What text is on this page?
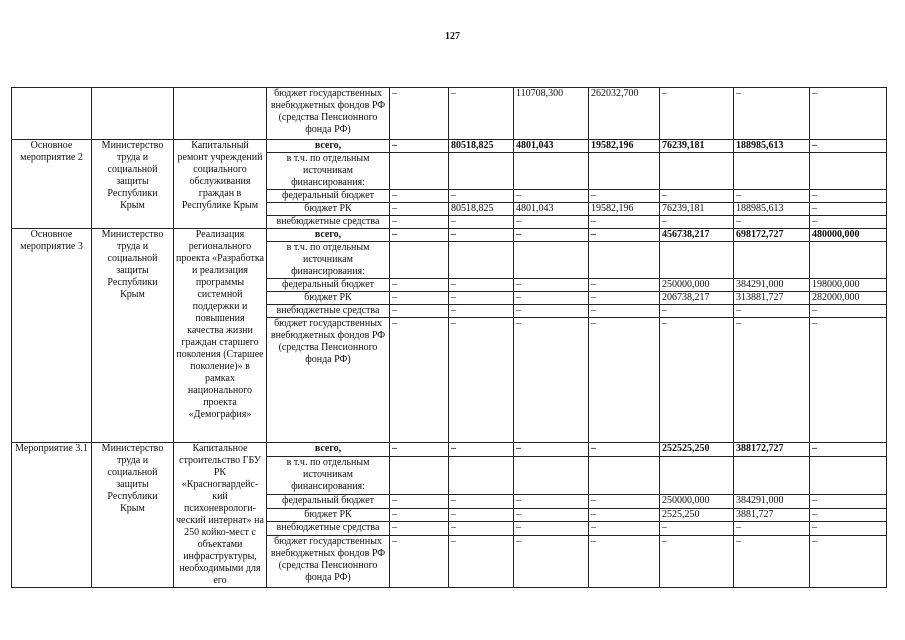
127
			бюджет государственных внебюджетных фондов РФ (средства Пенсионного фонда РФ)	–	–	110708,300	262032,700	–	–	–
Основное мероприятие 2	Министерство труда и социальной защиты Республики Крым	Капитальный ремонт учреждений социального обслуживания граждан в Республике Крым	всего,	–	80518,825	4801,043	19582,196	76239,181	188985,613	–
			в т.ч. по отдельным источникам финансирования:							
			федеральный бюджет	–	–	–	–	–	–	–
			бюджет РК	–	80518,825	4801,043	19582,196	76239,181	188985,613	–
			внебюджетные средства	–	–	–	–	–	–	–
Основное мероприятие 3	Министерство труда и социальной защиты Республики Крым	Реализация регионального проекта «Разработка и реализация программы системной поддержки и повышения качества жизни граждан старшего поколения (Старшее поколение)» в рамках национального проекта «Демография»	всего,	–	–	–	–	456738,217	698172,727	480000,000
			в т.ч. по отдельным источникам финансирования:							
			федеральный бюджет	–	–	–	–	250000,000	384291,000	198000,000
			бюджет РК	–	–	–	–	206738,217	313881,727	282000,000
			внебюджетные средства	–	–	–	–	–	–	–
			бюджет государственных внебюджетных фондов РФ (средства Пенсионного фонда РФ)	–	–	–	–	–	–	–
Мероприятие 3.1	Министерство труда и социальной защиты Республики Крым	Капитальное строительство ГБУ РК «Красногвардейс-кий психоневрологи-ческий интернат» на 250 койко-мест с объектами инфраструктуры, необходимыми для его	всего,	–	–	–	–	252525,250	388172,727	–
			в т.ч. по отдельным источникам финансирования:							
			федеральный бюджет	–	–	–	–	250000,000	384291,000	–
			бюджет РК	–	–	–	–	2525,250	3881,727	–
			внебюджетные средства	–	–	–	–	–	–	–
			бюджет государственных внебюджетных фондов РФ (средства Пенсионного фонда РФ)	–	–	–	–	–	–	–
